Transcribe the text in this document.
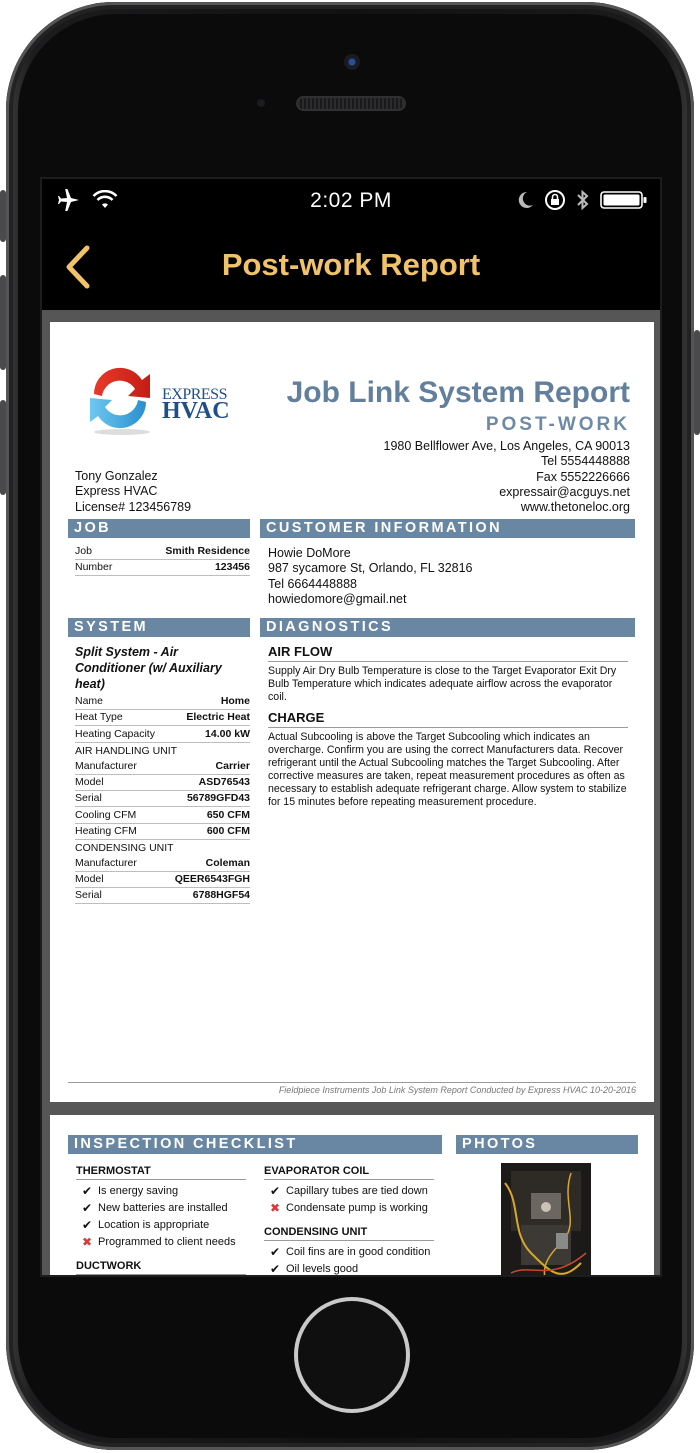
2:02 PM
Post-work Report
EXPRESS
HVAC
Job Link System Report
POST-WORK
1980 Bellflower Ave, Los Angeles, CA 90013
Tel 5554448888
Fax 5552226666
expressair@acguys.net
www.thetoneloc.org
Tony Gonzalez
Express HVAC
License# 123456789
JOB	CUSTOMER INFORMATION
SYSTEM	DIAGNOSTICS
Job	Smith Residence
Number	123456
Howie DoMore
987 sycamore St, Orlando, FL 32816
Tel 6664448888
howiedomore@gmail.net
Split System - Air Conditioner (w/ Auxiliary heat)
Name	Home
Heat Type	Electric Heat
Heating Capacity	14.00 kW
AIR HANDLING UNIT
Manufacturer	Carrier
Model	ASD76543
Serial	56789GFD43
Cooling CFM	650 CFM
Heating CFM	600 CFM
CONDENSING UNIT
Manufacturer	Coleman
Model	QEER6543FGH
Serial	6788HGF54
AIR FLOW

Supply Air Dry Bulb Temperature is close to the Target Evaporator Exit Dry Bulb Temperature which indicates adequate airflow across the evaporator coil.

CHARGE

Actual Subcooling is above the Target Subcooling which indicates an overcharge. Confirm you are using the correct Manufacturers data. Recover refrigerant until the Actual Subcooling matches the Target Subcooling. After corrective measures are taken, repeat measurement procedures as often as necessary to establish adequate refrigerant charge. Allow system to stabilize for 15 minutes before repeating measurement procedure.

Fieldpiece Instruments Job Link System Report Conducted by Express HVAC 10-20-2016
INSPECTION CHECKLIST	PHOTOS
THERMOSTAT
✔ Is energy saving
✔ New batteries are installed
✔ Location is appropriate
✖ Programmed to client needs
DUCTWORK
EVAPORATOR COIL
✔ Capillary tubes are tied down
✖ Condensate pump is working
CONDENSING UNIT
✔ Coil fins are in good condition
✔ Oil levels good
